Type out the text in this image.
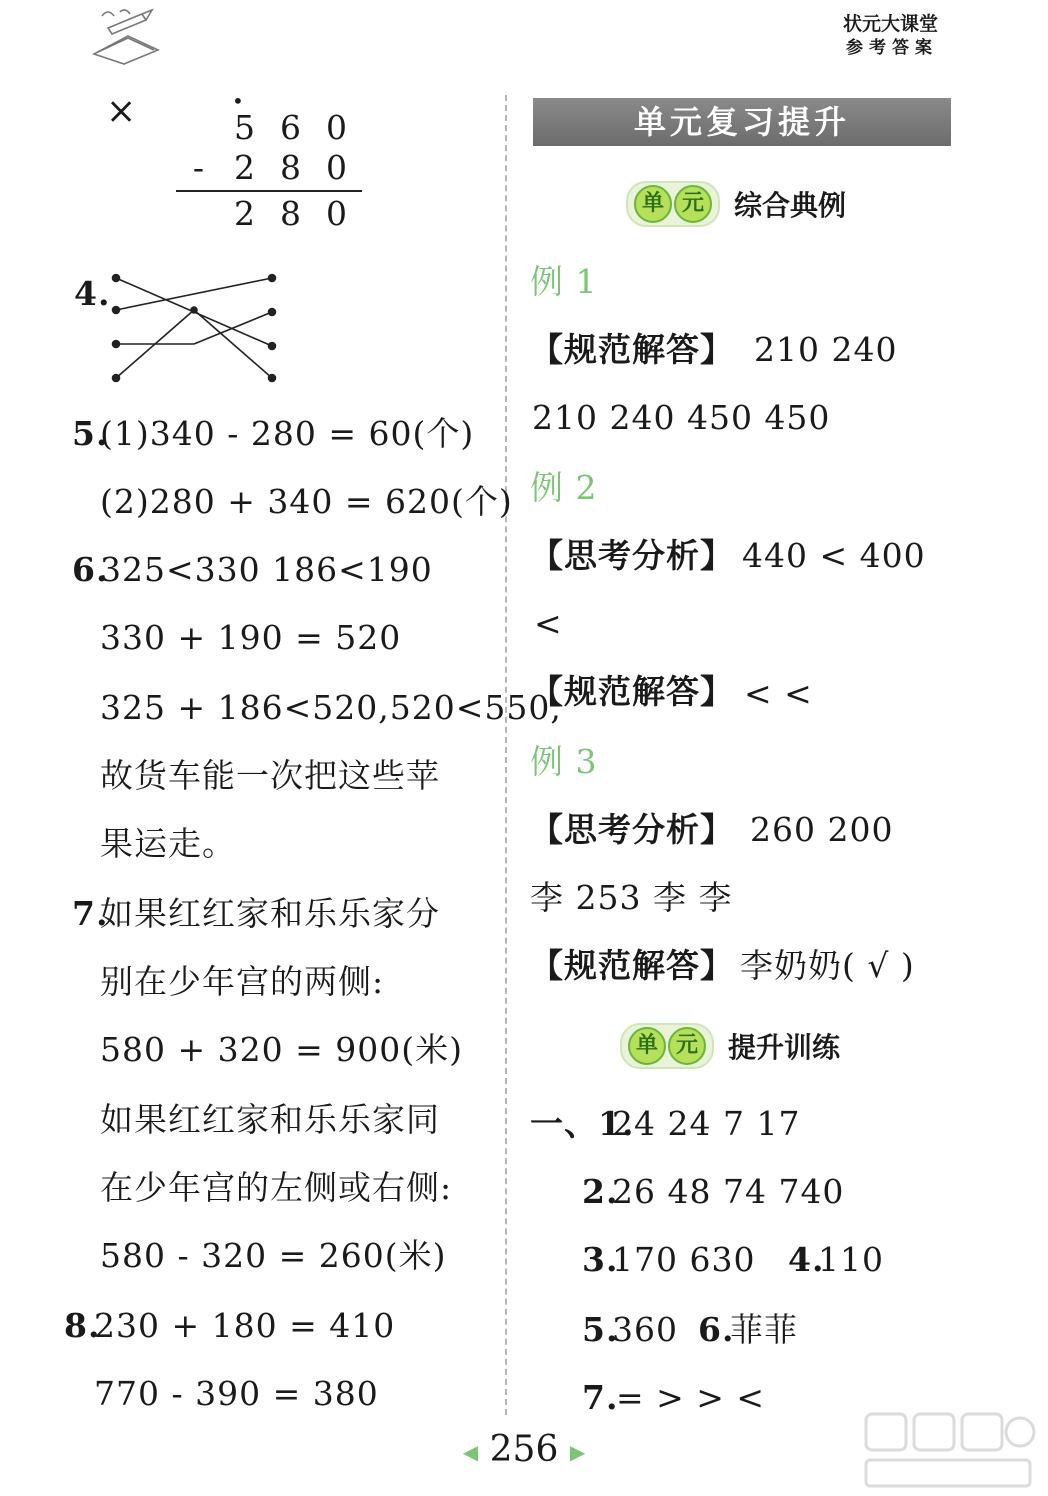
状元大课堂
参考答案
×	•
5 6 0
- 2 8 0
2 8 0
4.
5.
(1)340 - 280 = 60(个)
(2)280 + 340 = 620(个)
6.
325<330 186<190
330 + 190 = 520
325 + 186<520,520<550,
故货车能一次把这些苹
果运走。
7.
如果红红家和乐乐家分
别在少年宫的两侧:
580 + 320 = 900(米)
如果红红家和乐乐家同
在少年宫的左侧或右侧:
580 - 320 = 260(米)
8.
230 + 180 = 410
770 - 390 = 380
单元复习提升
单 元 综合典例
例 1
【规范解答】 210 240
210 240 450 450
例 2
【思考分析】 440 < 400
<
【规范解答】 < <
例 3
【思考分析】 260 200
李 253 李 李
【规范解答】 李奶奶( √ )
单 元 提升训练
一、1.
24 24 7 17
2.
26 48 74 740
3.
170 630 4.
110
5.
360 6.
菲菲
7.
= > > <
◀ 256 ▶
